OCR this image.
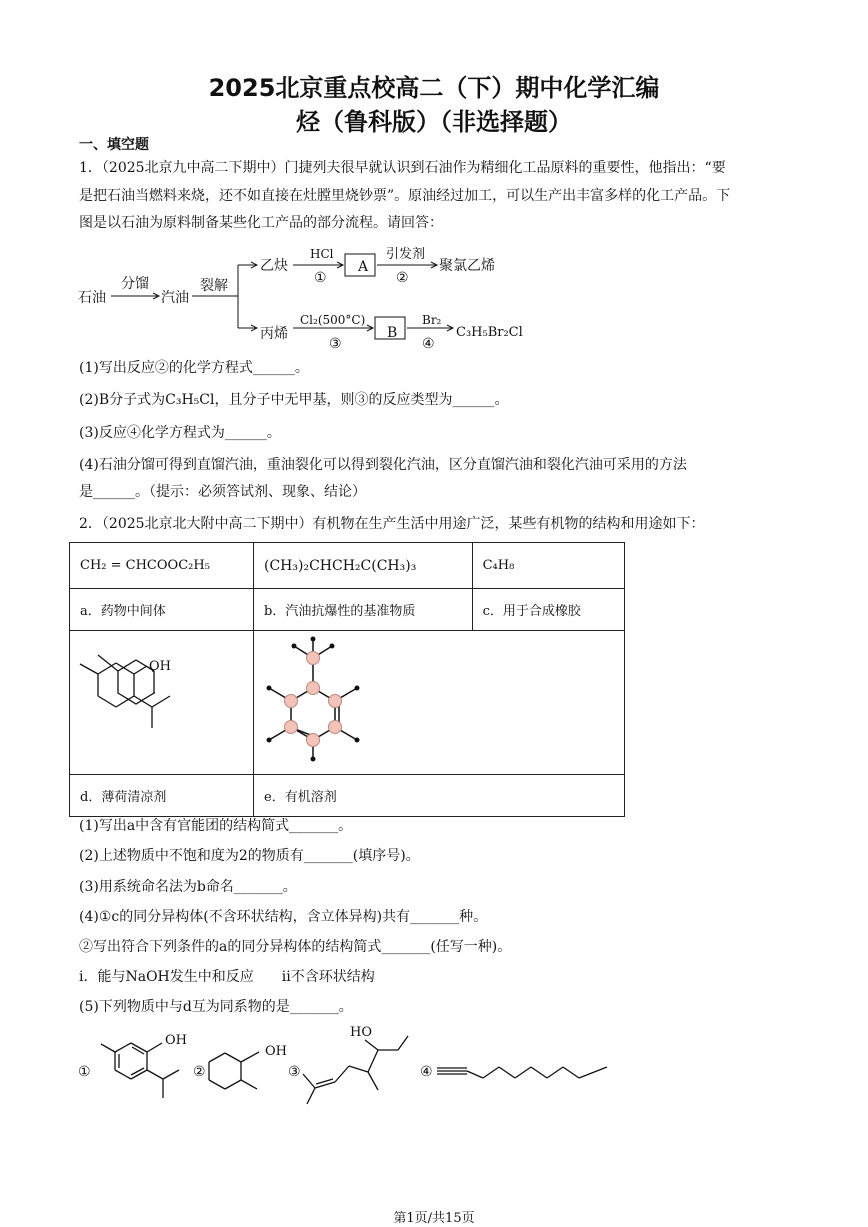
2025北京重点校高二（下）期中化学汇编
烃（鲁科版）（非选择题）
一、填空题
1．（2025北京九中高二下期中）门捷列夫很早就认识到石油作为精细化工品原料的重要性，他指出：“要
是把石油当燃料来烧，还不如直接在灶膛里烧钞票”。原油经过加工，可以生产出丰富多样的化工产品。下
图是以石油为原料制备某些化工产品的部分流程。请回答：
石油
分馏
汽油
裂解
乙炔
HCl
①
A
引发剂
②
聚氯乙烯
丙烯
Cl₂(500°C)
③
B
Br₂
④
C₃H₅Br₂Cl
(1)写出反应②的化学方程式______。
(2)B分子式为C₃H₅Cl，且分子中无甲基，则③的反应类型为______。
(3)反应④化学方程式为______。
(4)石油分馏可得到直馏汽油，重油裂化可以得到裂化汽油，区分直馏汽油和裂化汽油可采用的方法
是______。（提示：必须答试剂、现象、结论）
2．（2025北京北大附中高二下期中）有机物在生产生活中用途广泛，某些有机物的结构和用途如下：
CH₂ = CHCOOC₂H₅	(CH₃)₂CHCH₂C(CH₃)₃	C₄H₈
a．药物中间体	b．汽油抗爆性的基准物质	c．用于合成橡胶

d．薄荷清凉剂	e．有机溶剂	
OH
(1)写出a中含有官能团的结构简式_______。
(2)上述物质中不饱和度为2的物质有_______(填序号)。
(3)用系统命名法为b命名_______。
(4)①c的同分异构体(不含环状结构，含立体异构)共有_______种。
②写出符合下列条件的a的同分异构体的结构简式_______(任写一种)。
i．能与NaOH发生中和反应　　ii不含环状结构
(5)下列物质中与d互为同系物的是_______。
①	②	③	④
OH
OH
HO
第1页/共15页
